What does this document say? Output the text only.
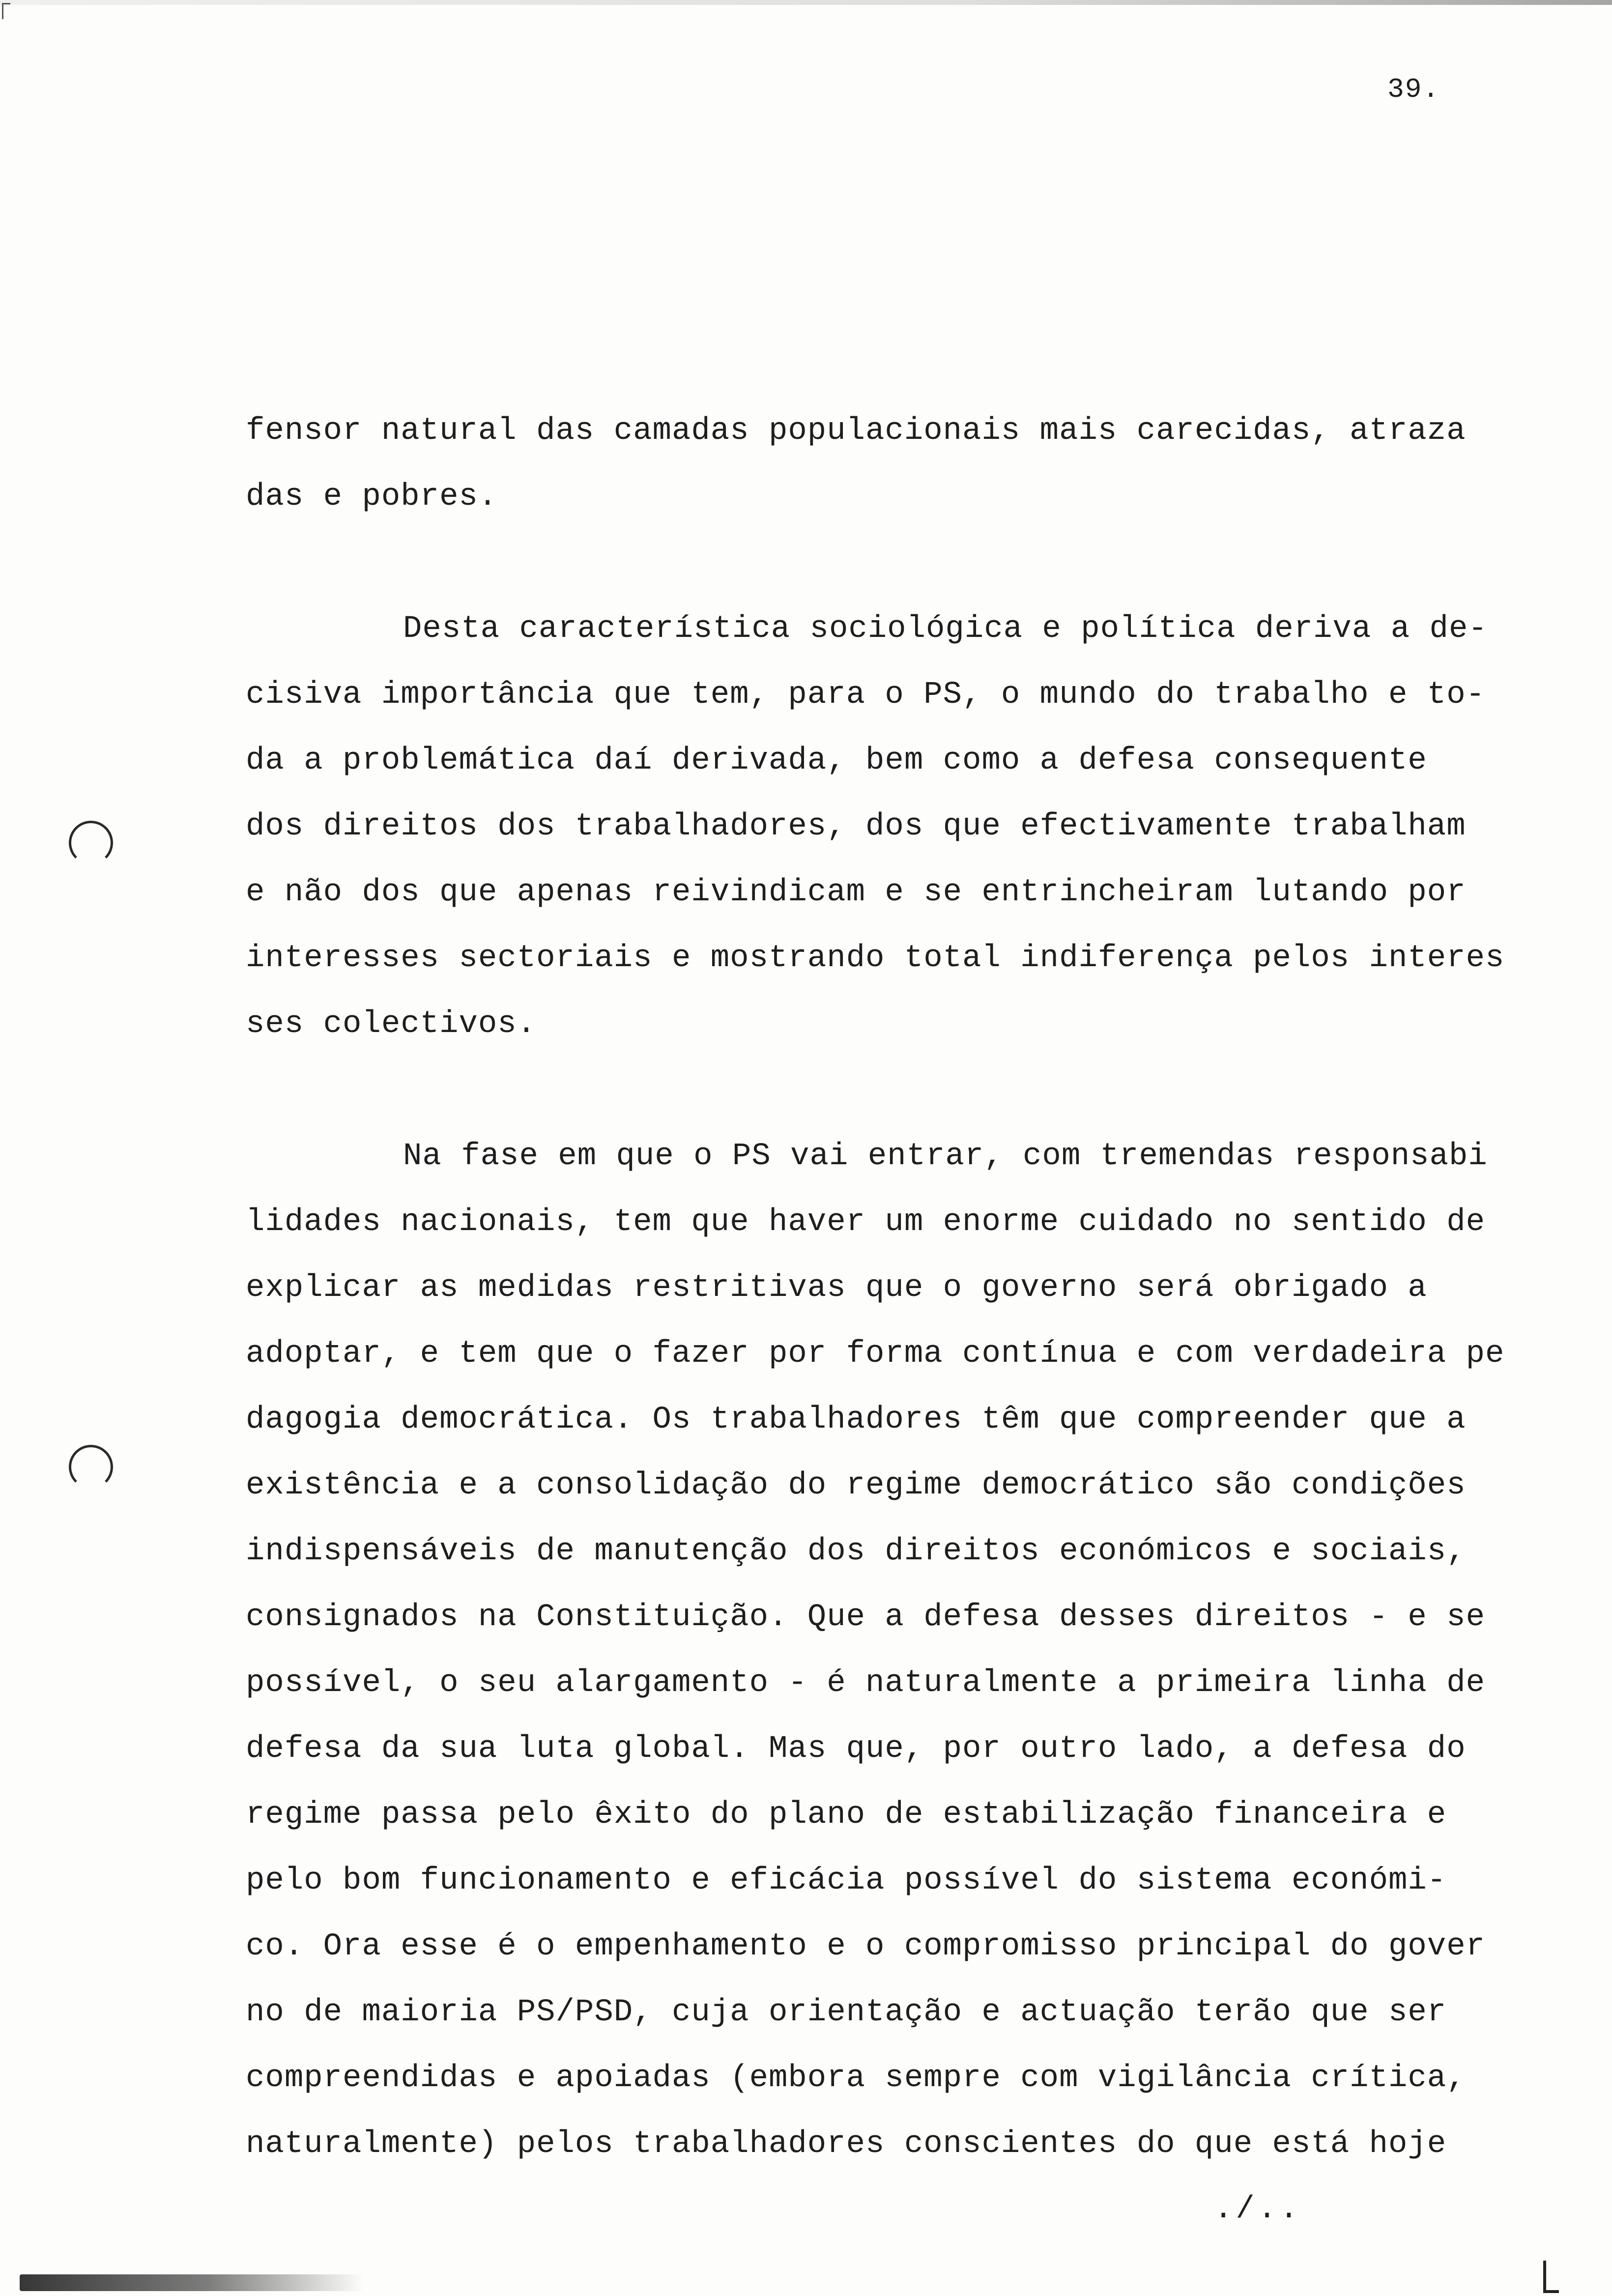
39.
fensor natural das camadas populacionais mais carecidas, atraza
das e pobres.
Desta característica sociológica e política deriva a de-
cisiva importância que tem, para o PS, o mundo do trabalho e to-
da a problemática daí derivada, bem como a defesa consequente
dos direitos dos trabalhadores, dos que efectivamente trabalham
e não dos que apenas reivindicam e se entrincheiram lutando por
interesses sectoriais e mostrando total indiferença pelos interes
ses colectivos.
Na fase em que o PS vai entrar, com tremendas responsabi
lidades nacionais, tem que haver um enorme cuidado no sentido de
explicar as medidas restritivas que o governo será obrigado a
adoptar, e tem que o fazer por forma contínua e com verdadeira pe
dagogia democrática. Os trabalhadores têm que compreender que a
existência e a consolidação do regime democrático são condições
indispensáveis de manutenção dos direitos económicos e sociais,
consignados na Constituição. Que a defesa desses direitos - e se
possível, o seu alargamento - é naturalmente a primeira linha de
defesa da sua luta global. Mas que, por outro lado, a defesa do
regime passa pelo êxito do plano de estabilização financeira e
pelo bom funcionamento e eficácia possível do sistema económi-
co. Ora esse é o empenhamento e o compromisso principal do gover
no de maioria PS/PSD, cuja orientação e actuação terão que ser
compreendidas e apoiadas (embora sempre com vigilância crítica,
naturalmente) pelos trabalhadores conscientes do que está hoje
./..
